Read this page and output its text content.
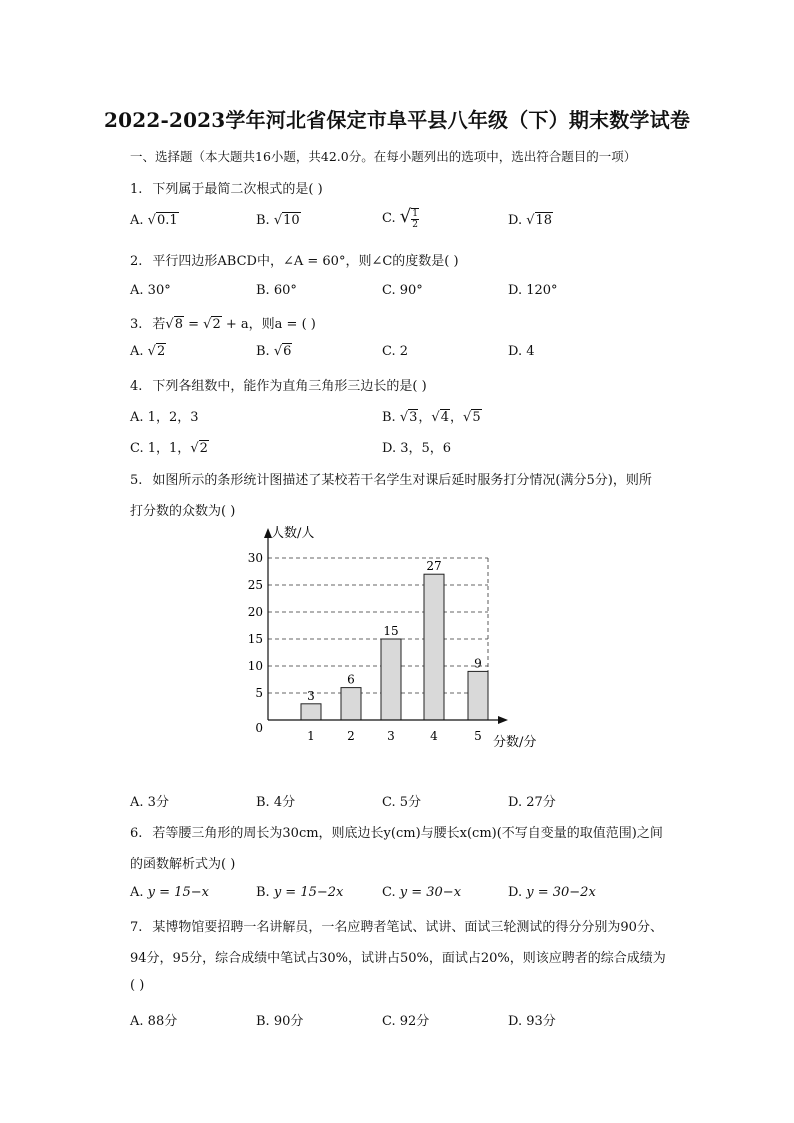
2022-2023学年河北省保定市阜平县八年级（下）期末数学试卷
一、选择题（本大题共16小题，共42.0分。在每小题列出的选项中，选出符合题目的一项）
1. 下列属于最简二次根式的是( )
A. √0.1	B. √10	C. √ $\frac{1}{2}$	D. √18
2. 平行四边形ABCD中，∠A = 60°，则∠C的度数是( )
A. 30°	B. 60°	C. 90°	D. 120°
3. 若√8 = √2 + a，则a = ( )
A. √2	B. √6	C. 2	D. 4
4. 下列各组数中，能作为直角三角形三边长的是( )
A. 1，2，3	B. √3，√4，√5
C. 1，1，√2	D. 3，5，6
5. 如图所示的条形统计图描述了某校若干名学生对课后延时服务打分情况(满分5分)，则所
打分数的众数为( )
3
6
15
27
9
0
5
10
15
20
25
30
1	2	3	4	5
人数/人
分数/分
A. 3分	B. 4分	C. 5分	D. 27分
6. 若等腰三角形的周长为30cm，则底边长y(cm)与腰长x(cm)(不写自变量的取值范围)之间
的函数解析式为( )
A. y = 15−x	B. y = 15−2x	C. y = 30−x	D. y = 30−2x
7. 某博物馆要招聘一名讲解员，一名应聘者笔试、试讲、面试三轮测试的得分分别为90分、
94分，95分，综合成绩中笔试占30%，试讲占50%，面试占20%，则该应聘者的综合成绩为
( )
A. 88分	B. 90分	C. 92分	D. 93分
